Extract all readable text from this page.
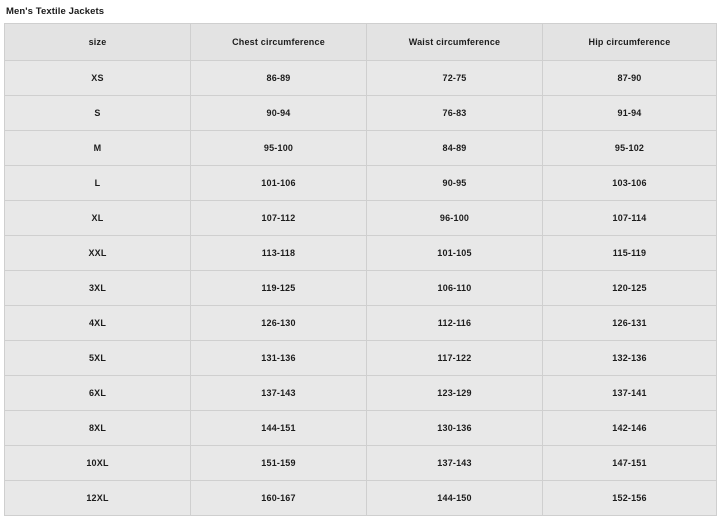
Men's Textile Jackets
size	Chest circumference	Waist circumference	Hip circumference
XS	86-89	72-75	87-90
S	90-94	76-83	91-94
M	95-100	84-89	95-102
L	101-106	90-95	103-106
XL	107-112	96-100	107-114
XXL	113-118	101-105	115-119
3XL	119-125	106-110	120-125
4XL	126-130	112-116	126-131
5XL	131-136	117-122	132-136
6XL	137-143	123-129	137-141
8XL	144-151	130-136	142-146
10XL	151-159	137-143	147-151
12XL	160-167	144-150	152-156
